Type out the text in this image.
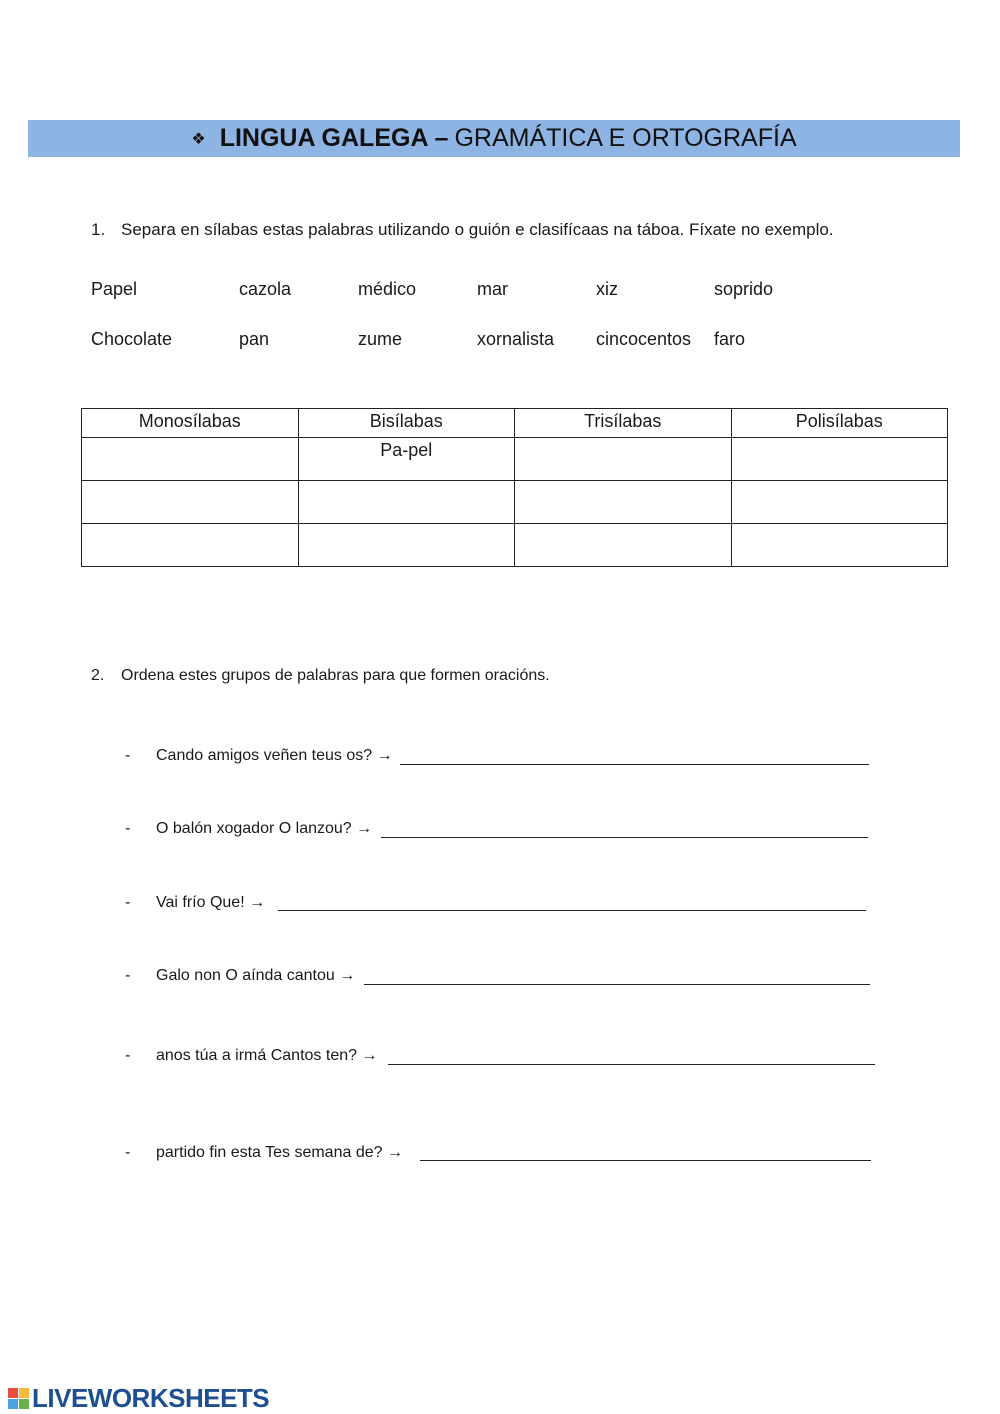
❖ LINGUA GALEGA – GRAMÁTICA E ORTOGRAFÍA
1. Separa en sílabas estas palabras utilizando o guión e clasifícaas na táboa. Fíxate no exemplo.
Papel	cazola	médico	mar	xiz	soprido
Chocolate	pan	zume	xornalista cincocentos faro
Monosílabas	Bisílabas	Trisílabas	Polisílabas
	Pa-pel		

2. Ordena estes grupos de palabras para que formen oracións.
- Cando amigos veñen teus os? →
- O balón xogador O lanzou? →
- Vai frío Que! →
- Galo non O aínda cantou →
- anos túa a irmá Cantos ten? →
- partido fin esta Tes semana de? →
LIVEWORKSHEETS
